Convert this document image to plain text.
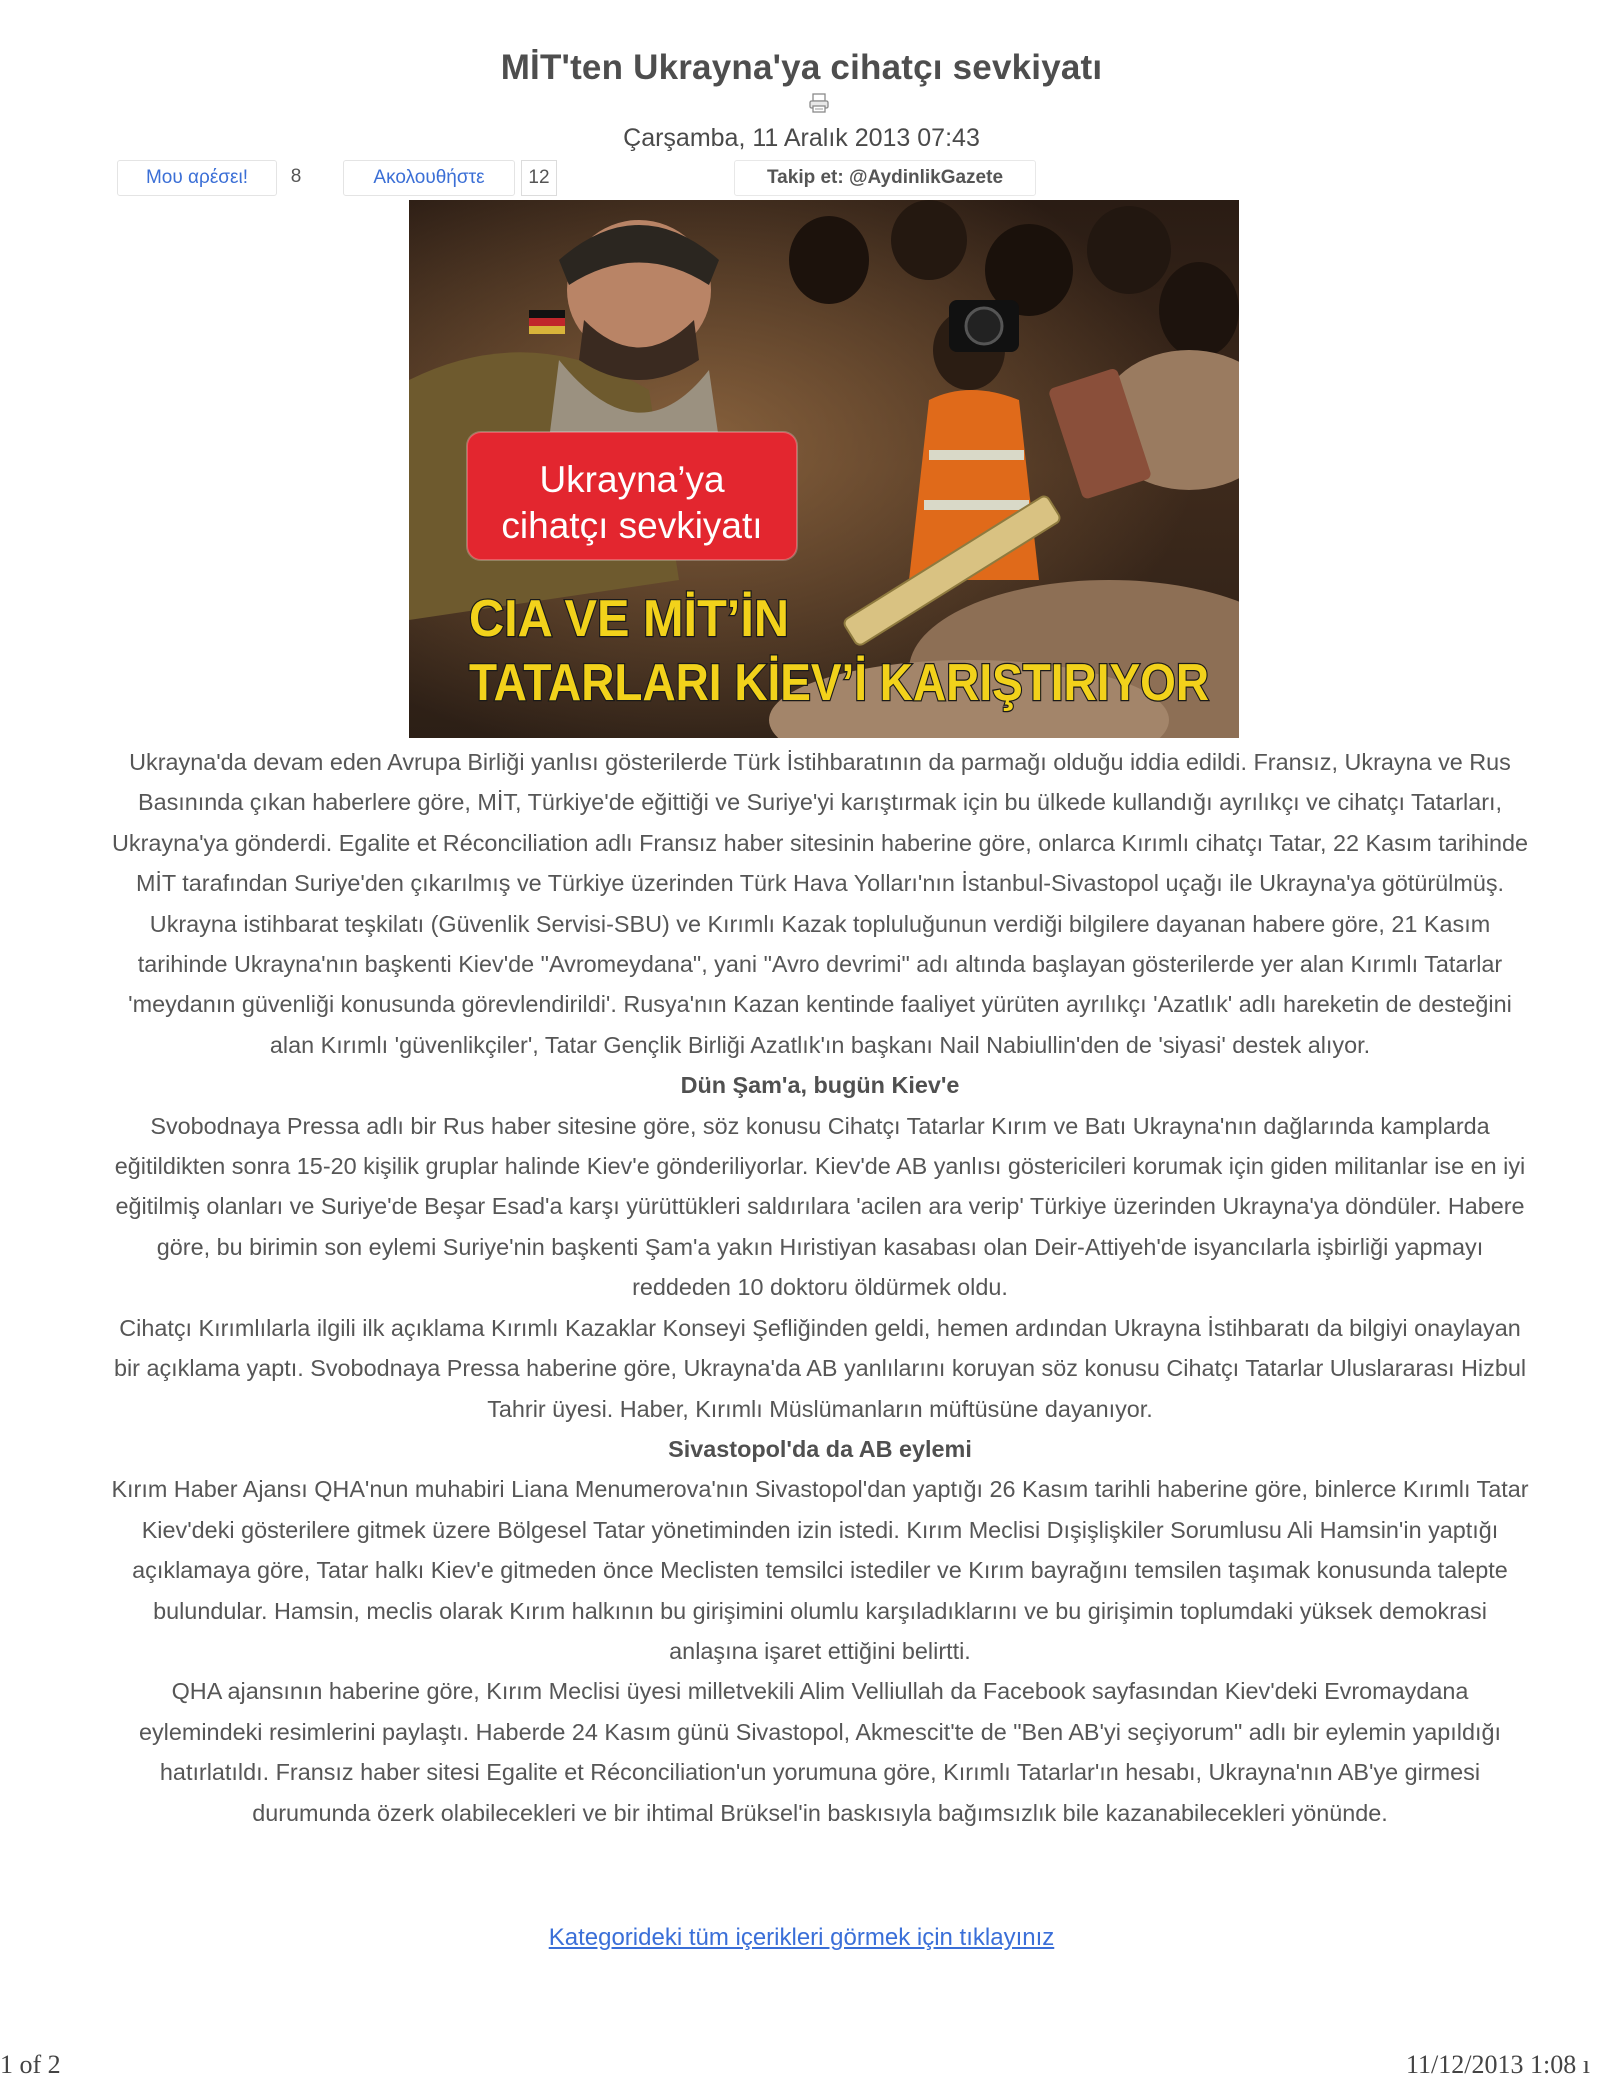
MİT'ten Ukrayna'ya cihatçı sevkiyatı
Çarşamba, 11 Aralık 2013 07:43
Μου αρέσει!	8	Ακολουθήστε	12	Takip et: @AydinlikGazete
Ukrayna’ya
cihatçı sevkiyatı
CIA VE MİT’İN
TATARLARI KİEV’İ KARIŞTIRIYOR

Ukrayna'da devam eden Avrupa Birliği yanlısı gösterilerde Türk İstihbaratının da parmağı olduğu iddia edildi. Fransız, Ukrayna ve Rus Basınında çıkan haberlere göre, MİT, Türkiye'de eğittiği ve Suriye'yi karıştırmak için bu ülkede kullandığı ayrılıkçı ve cihatçı Tatarları, Ukrayna'ya gönderdi. Egalite et Réconciliation adlı Fransız haber sitesinin haberine göre, onlarca Kırımlı cihatçı Tatar, 22 Kasım tarihinde MİT tarafından Suriye'den çıkarılmış ve Türkiye üzerinden Türk Hava Yolları'nın İstanbul-Sivastopol uçağı ile Ukrayna'ya götürülmüş. Ukrayna istihbarat teşkilatı (Güvenlik Servisi-SBU) ve Kırımlı Kazak topluluğunun verdiği bilgilere dayanan habere göre, 21 Kasım tarihinde Ukrayna'nın başkenti Kiev'de "Avromeydana", yani "Avro devrimi" adı altında başlayan gösterilerde yer alan Kırımlı Tatarlar 'meydanın güvenliği konusunda görevlendirildi'. Rusya'nın Kazan kentinde faaliyet yürüten ayrılıkçı 'Azatlık' adlı hareketin de desteğini alan Kırımlı 'güvenlikçiler', Tatar Gençlik Birliği Azatlık'ın başkanı Nail Nabiullin'den de 'siyasi' destek alıyor.

Dün Şam'a, bugün Kiev'e

Svobodnaya Pressa adlı bir Rus haber sitesine göre, söz konusu Cihatçı Tatarlar Kırım ve Batı Ukrayna'nın dağlarında kamplarda eğitildikten sonra 15-20 kişilik gruplar halinde Kiev'e gönderiliyorlar. Kiev'de AB yanlısı göstericileri korumak için giden militanlar ise en iyi eğitilmiş olanları ve Suriye'de Beşar Esad'a karşı yürüttükleri saldırılara 'acilen ara verip' Türkiye üzerinden Ukrayna'ya döndüler. Habere göre, bu birimin son eylemi Suriye'nin başkenti Şam'a yakın Hıristiyan kasabası olan Deir-Attiyeh'de isyancılarla işbirliği yapmayı reddeden 10 doktoru öldürmek oldu.

Cihatçı Kırımlılarla ilgili ilk açıklama Kırımlı Kazaklar Konseyi Şefliğinden geldi, hemen ardından Ukrayna İstihbaratı da bilgiyi onaylayan bir açıklama yaptı. Svobodnaya Pressa haberine göre, Ukrayna'da AB yanlılarını koruyan söz konusu Cihatçı Tatarlar Uluslararası Hizbul Tahrir üyesi. Haber, Kırımlı Müslümanların müftüsüne dayanıyor.

Sivastopol'da da AB eylemi

Kırım Haber Ajansı QHA'nun muhabiri Liana Menumerova'nın Sivastopol'dan yaptığı 26 Kasım tarihli haberine göre, binlerce Kırımlı Tatar Kiev'deki gösterilere gitmek üzere Bölgesel Tatar yönetiminden izin istedi. Kırım Meclisi Dışişlişkiler Sorumlusu Ali Hamsin'in yaptığı açıklamaya göre, Tatar halkı Kiev'e gitmeden önce Meclisten temsilci istediler ve Kırım bayrağını temsilen taşımak konusunda talepte bulundular. Hamsin, meclis olarak Kırım halkının bu girişimini olumlu karşıladıklarını ve bu girişimin toplumdaki yüksek demokrasi anlaşına işaret ettiğini belirtti.

QHA ajansının haberine göre, Kırım Meclisi üyesi milletvekili Alim Velliullah da Facebook sayfasından Kiev'deki Evromaydana eylemindeki resimlerini paylaştı. Haberde 24 Kasım günü Sivastopol, Akmescit'te de "Ben AB'yi seçiyorum" adlı bir eylemin yapıldığı hatırlatıldı. Fransız haber sitesi Egalite et Réconciliation'un yorumuna göre, Kırımlı Tatarlar'ın hesabı, Ukrayna'nın AB'ye girmesi durumunda özerk olabilecekleri ve bir ihtimal Brüksel'in baskısıyla bağımsızlık bile kazanabilecekleri yönünde.

Kategorideki tüm içerikleri görmek için tıklayınız
1 of 2	11/12/2013 1:08 ı
